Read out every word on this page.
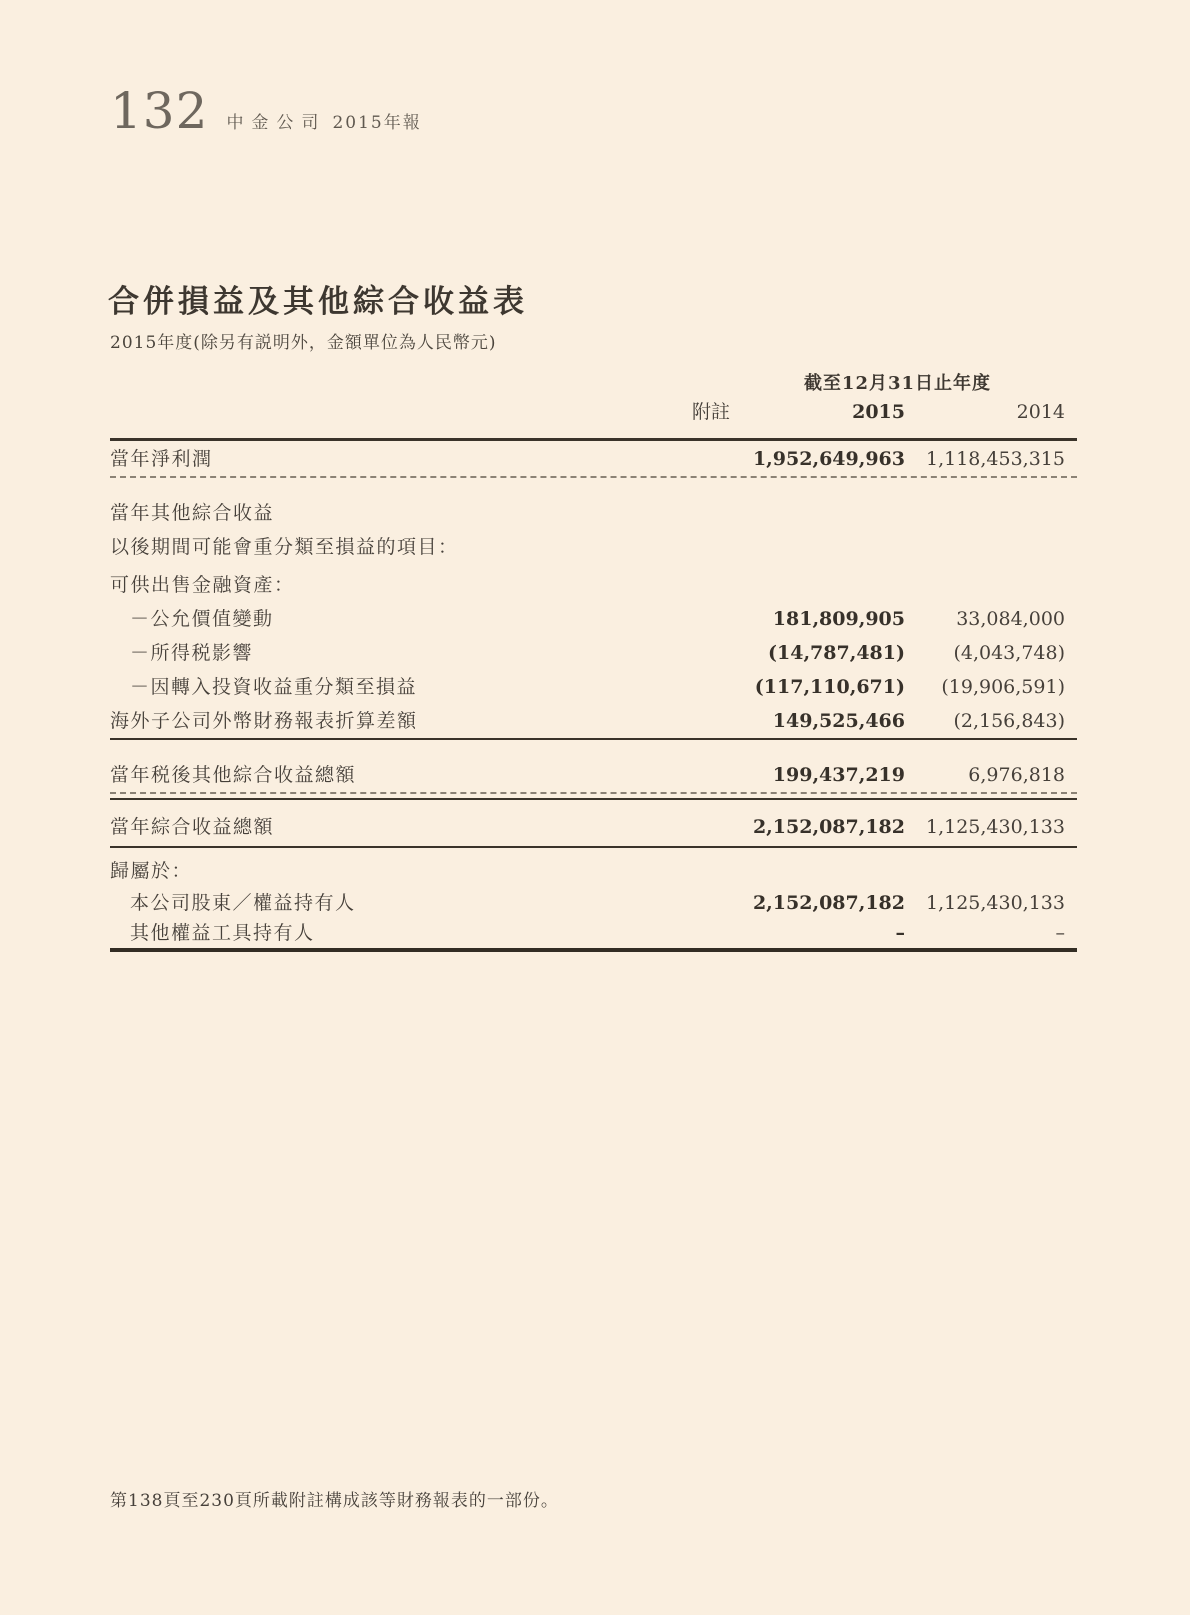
132 中金公司 2015年報
合併損益及其他綜合收益表
2015年度(除另有説明外，金額單位為人民幣元)
截至12月31日止年度
附註	2015	2014
當年淨利潤	1,952,649,963	1,118,453,315
當年其他綜合收益
以後期間可能會重分類至損益的項目：
可供出售金融資產：
－公允價值變動	181,809,905	33,084,000
－所得税影響	(14,787,481)	(4,043,748)
－因轉入投資收益重分類至損益	(117,110,671)	(19,906,591)
海外子公司外幣財務報表折算差額	149,525,466	(2,156,843)
當年税後其他綜合收益總額	199,437,219	6,976,818
當年綜合收益總額	2,152,087,182	1,125,430,133
歸屬於：
本公司股東／權益持有人	2,152,087,182	1,125,430,133
其他權益工具持有人	–	–
第138頁至230頁所載附註構成該等財務報表的一部份。
